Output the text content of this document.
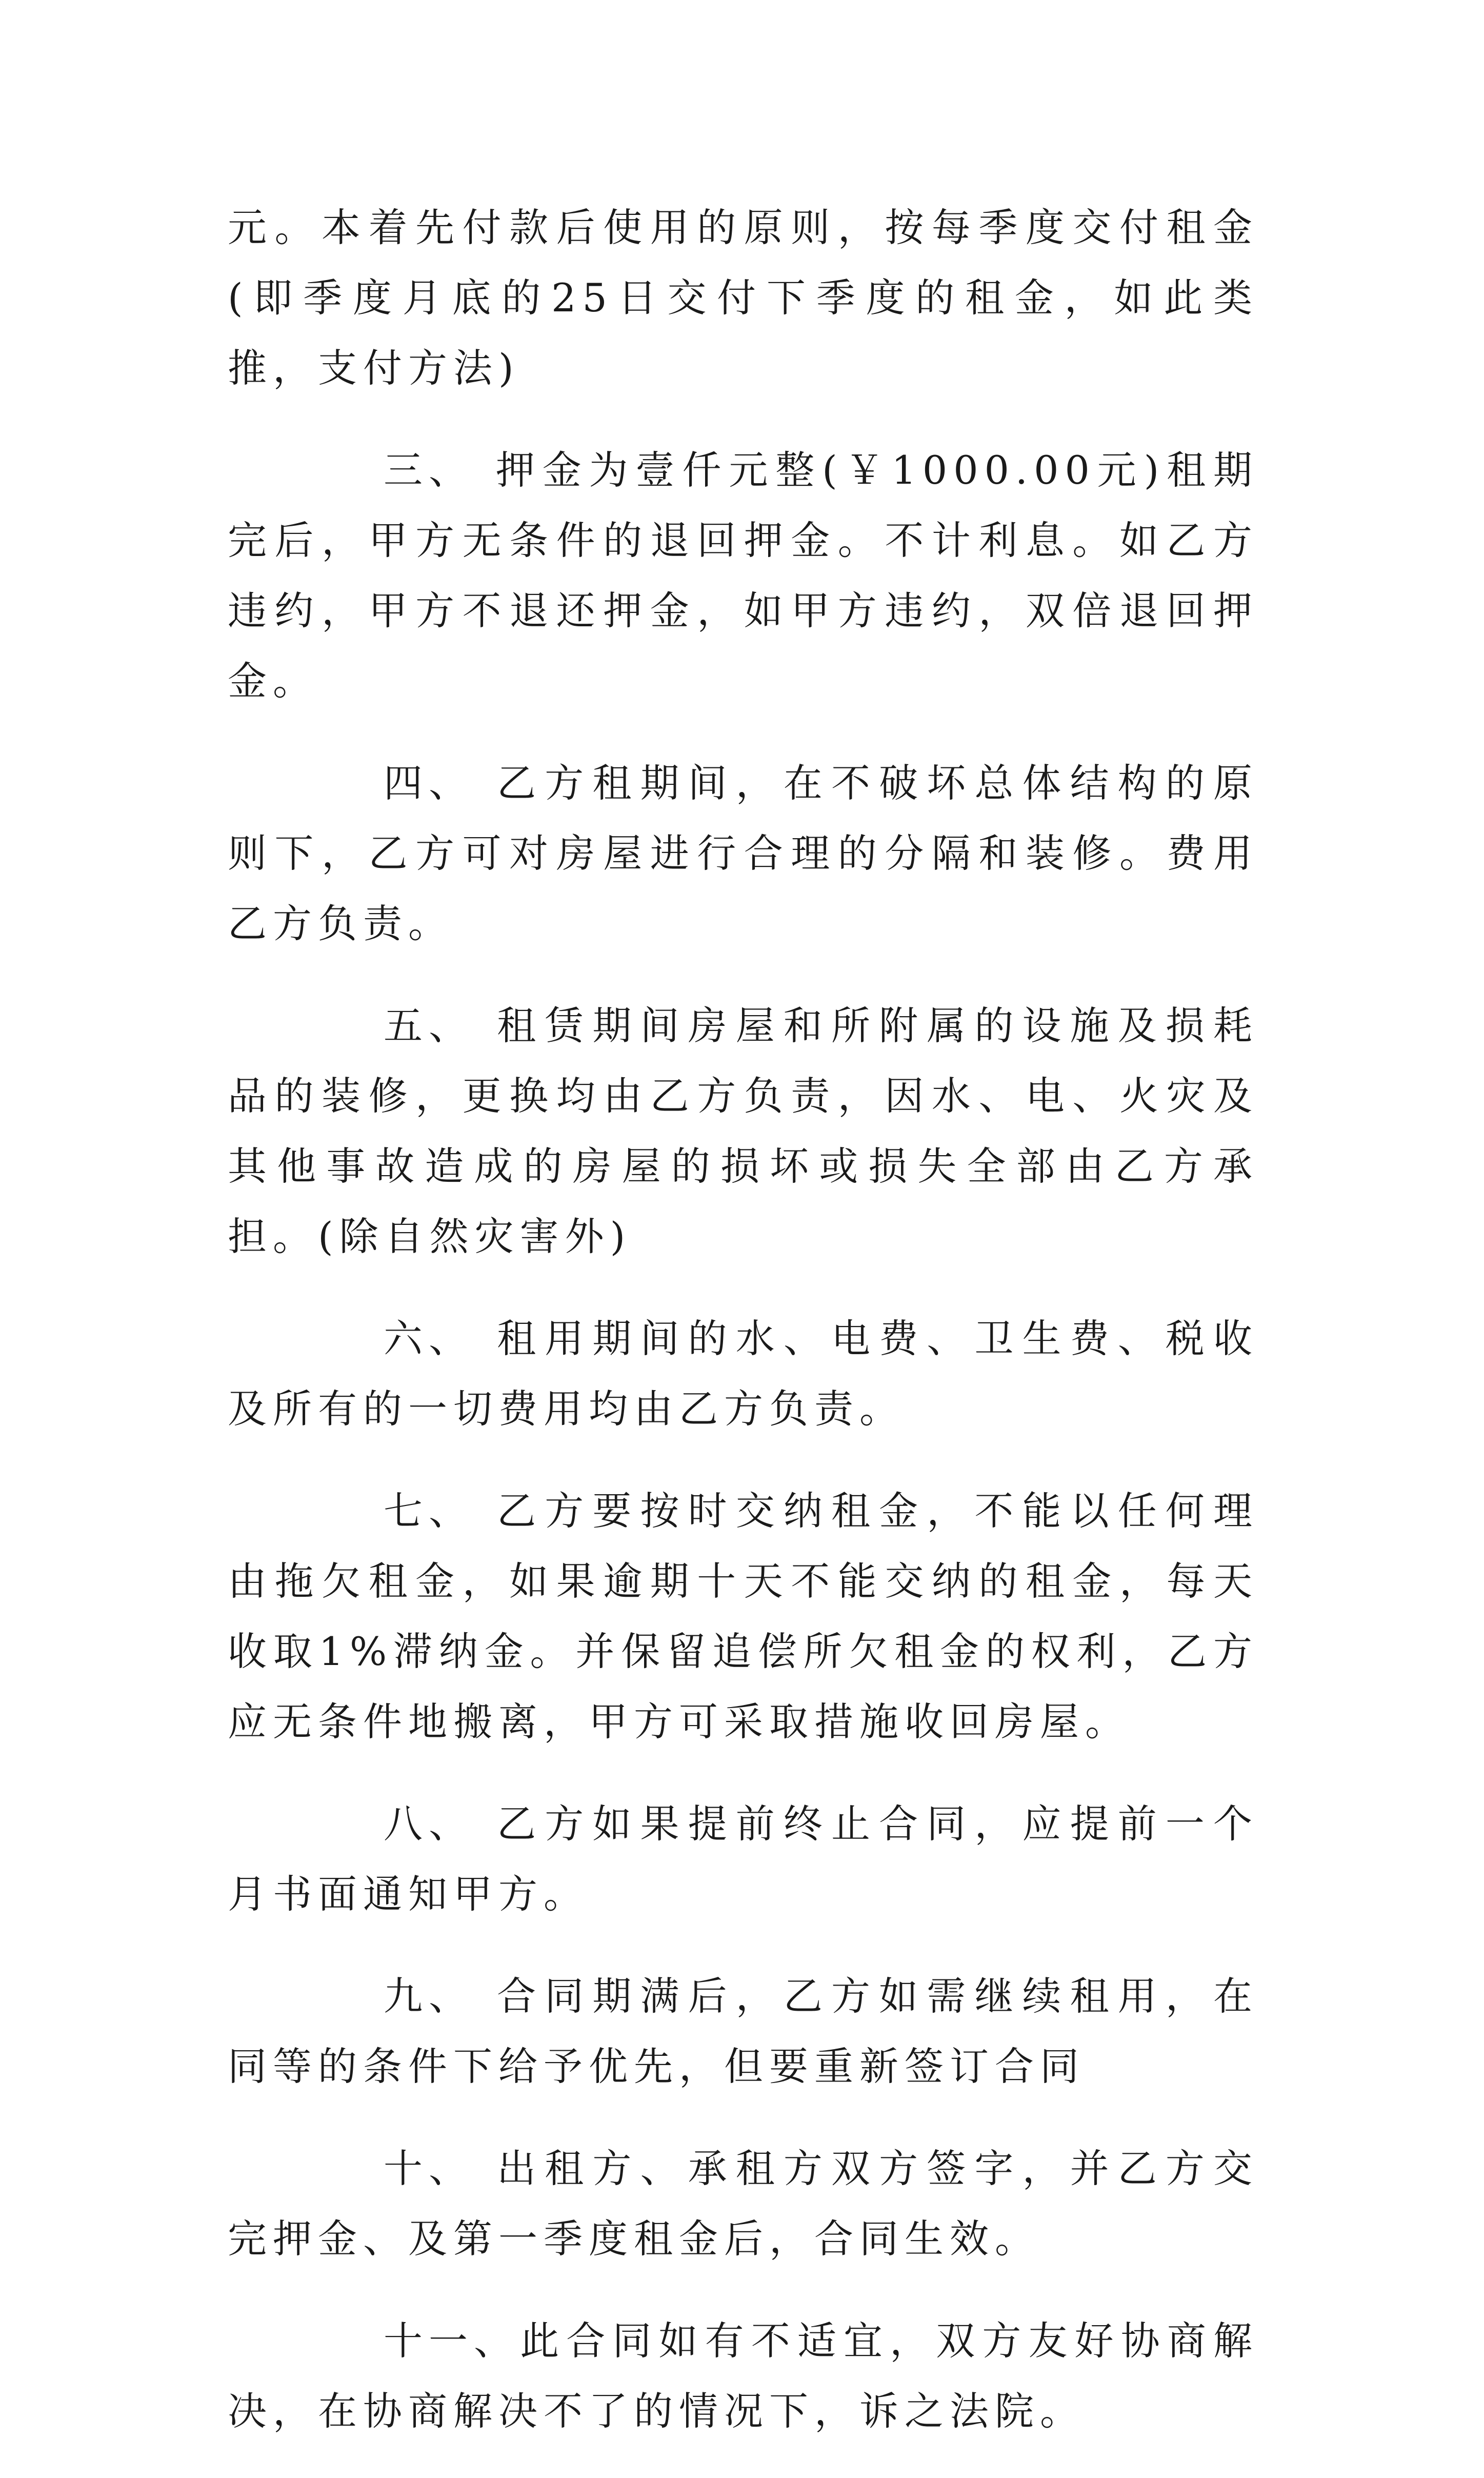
元。本着先付款后使用的原则，按每季度交付租金(即季度月底的25日交付下季度的租金，如此类推，支付方法)

三、 押金为壹仟元整(￥1000.00元)租期完后，甲方无条件的退回押金。不计利息。如乙方违约，甲方不退还押金，如甲方违约，双倍退回押金。

四、 乙方租期间，在不破坏总体结构的原则下，乙方可对房屋进行合理的分隔和装修。费用乙方负责。

五、 租赁期间房屋和所附属的设施及损耗品的装修，更换均由乙方负责，因水、电、火灾及其他事故造成的房屋的损坏或损失全部由乙方承担。(除自然灾害外)

六、 租用期间的水、电费、卫生费、税收及所有的一切费用均由乙方负责。

七、 乙方要按时交纳租金，不能以任何理由拖欠租金，如果逾期十天不能交纳的租金，每天收取1%滞纳金。并保留追偿所欠租金的权利，乙方应无条件地搬离，甲方可采取措施收回房屋。

八、 乙方如果提前终止合同，应提前一个月书面通知甲方。

九、 合同期满后，乙方如需继续租用，在同等的条件下给予优先，但要重新签订合同

十、 出租方、承租方双方签字，并乙方交完押金、及第一季度租金后，合同生效。

十一、此合同如有不适宜，双方友好协商解决，在协商解决不了的情况下，诉之法院。
